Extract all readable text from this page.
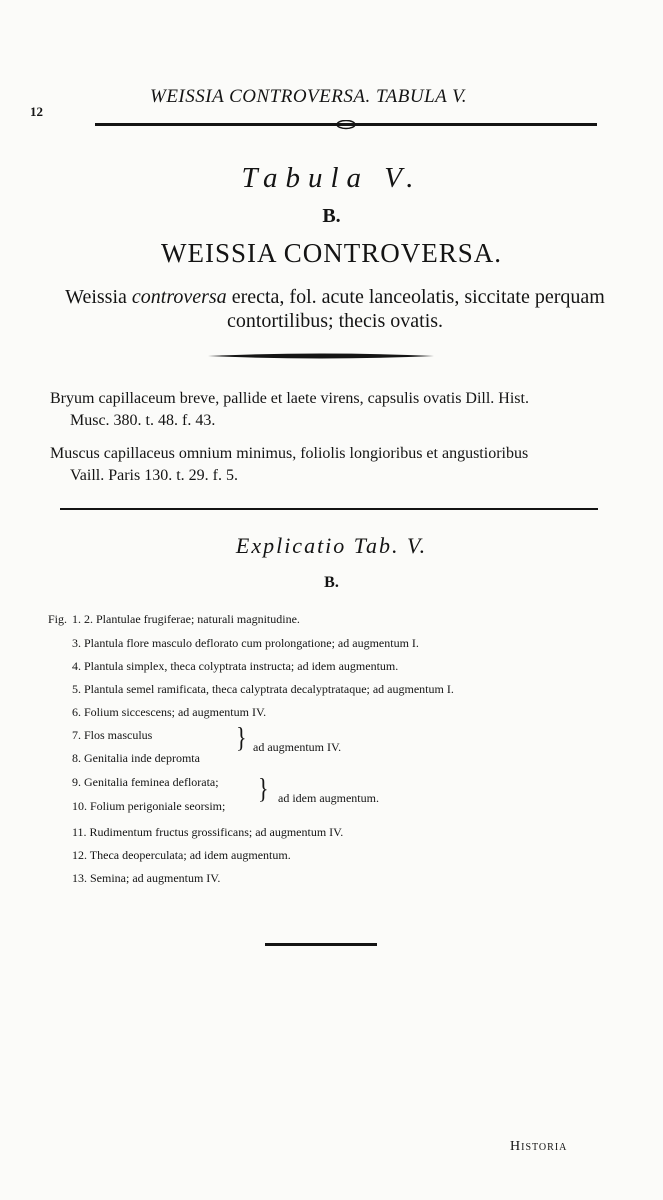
12
WEISSIA CONTROVERSA. TABULA V.
Tabula V.
B.
WEISSIA CONTROVERSA.
Weissia controversa erecta, fol. acute lanceolatis, siccitate perquam
contortilibus; thecis ovatis.
Bryum capillaceum breve, pallide et laete virens, capsulis ovatis Dill. Hist.
Musc. 380. t. 48. f. 43.
Muscus capillaceus omnium minimus, foliolis longioribus et angustioribus
Vaill. Paris 130. t. 29. f. 5.
Explicatio Tab. V.
B.
Fig. 1. 2. Plantulae frugiferae; naturali magnitudine.
3. Plantula flore masculo deflorato cum prolongatione; ad augmentum I.
4. Plantula simplex, theca colyptrata instructa; ad idem augmentum.
5. Plantula semel ramificata, theca calyptrata decalyptrataque; ad augmentum I.
6. Folium siccescens; ad augmentum IV.
7. Flos masculus
8. Genitalia inde depromta
9. Genitalia feminea deflorata;
10. Folium perigoniale seorsim;
11. Rudimentum fructus grossificans; ad augmentum IV.
12. Theca deoperculata; ad idem augmentum.
13. Semina; ad augmentum IV.
} ad augmentum IV.
} ad idem augmentum.
Historia
